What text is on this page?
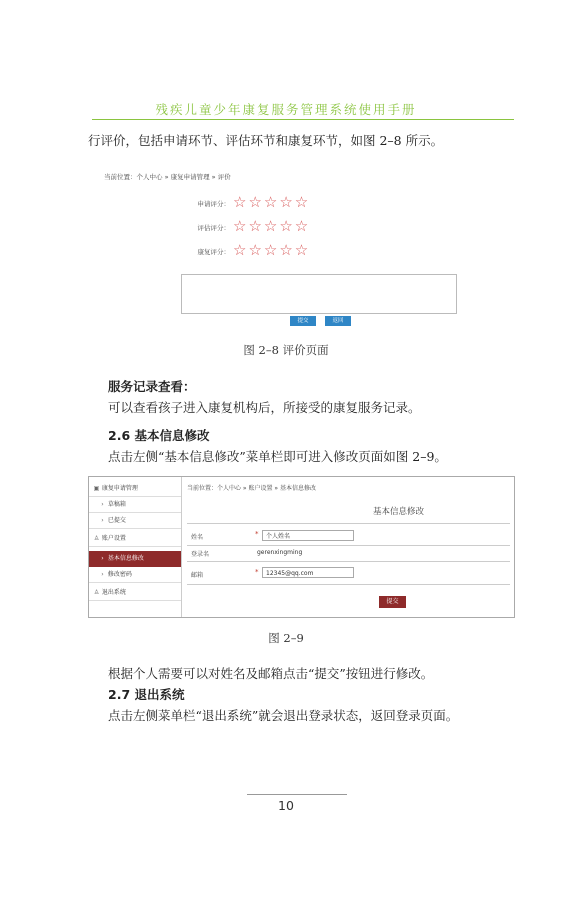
残疾儿童少年康复服务管理系统使用手册
行评价，包括申请环节、评估环节和康复环节，如图 2–8 所示。
当前位置：个人中心 » 康复申请管理 » 评价
申请评分： ☆☆☆☆☆
评估评分： ☆☆☆☆☆
康复评分： ☆☆☆☆☆
提交	返回
图 2–8 评价页面
服务记录查看：
可以查看孩子进入康复机构后，所接受的康复服务记录。
2.6 基本信息修改
点击左侧“基本信息修改”菜单栏即可进入修改页面如图 2–9。
▣ 康复申请管理
› 草稿箱
› 已提交
♙ 账户设置
› 基本信息修改
› 修改密码
♙ 退出系统
当前位置：个人中心 » 账户设置 » 基本信息修改
基本信息修改
姓名	*	个人姓名
登录名	gerenxingming
邮箱	*	12345@qq.com
提交
图 2–9
根据个人需要可以对姓名及邮箱点击“提交”按钮进行修改。
2.7 退出系统
点击左侧菜单栏“退出系统”就会退出登录状态，返回登录页面。
10
